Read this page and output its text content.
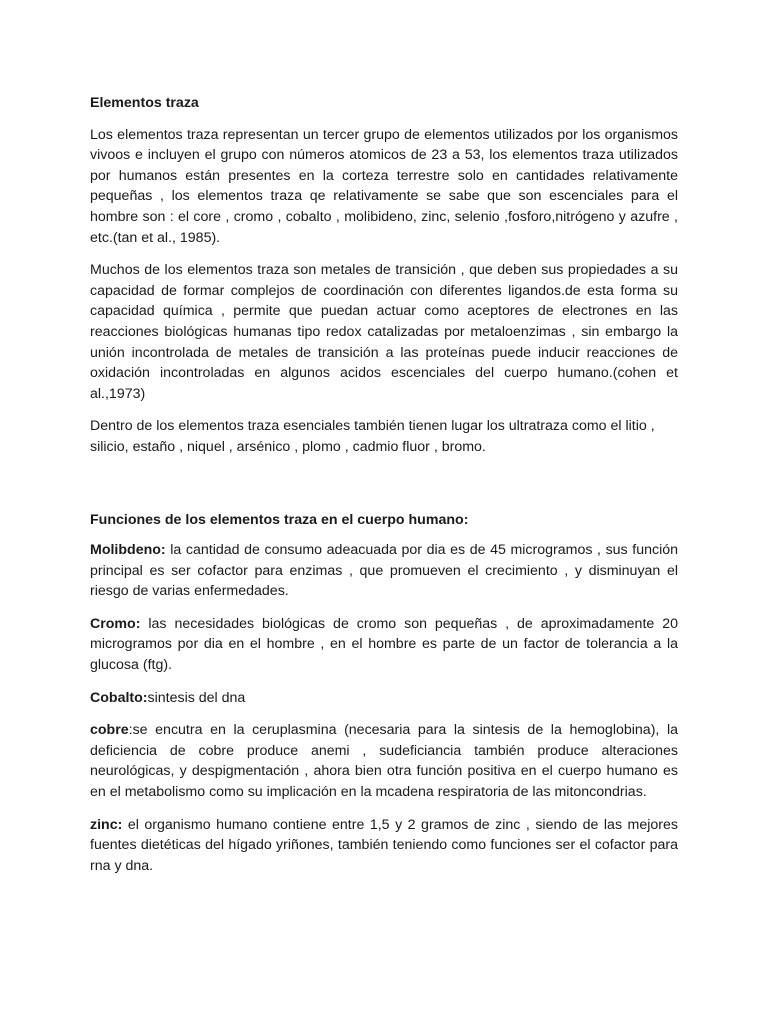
Elementos traza

Los elementos traza representan un tercer grupo de elementos utilizados por los organismos vivoos e incluyen el grupo con números atomicos de 23 a 53, los elementos traza utilizados por humanos están presentes en la corteza terrestre solo en cantidades relativamente pequeñas , los elementos traza qe relativamente se sabe que son escenciales para el hombre son : el core , cromo , cobalto , molibideno, zinc, selenio ,fosforo,nitrógeno y azufre , etc.(tan et al., 1985).

Muchos de los elementos traza son metales de transición , que deben sus propiedades a su capacidad de formar complejos de coordinación con diferentes ligandos.de esta forma su capacidad química , permite que puedan actuar como aceptores de electrones en las reacciones biológicas humanas tipo redox catalizadas por metaloenzimas , sin embargo la unión incontrolada de metales de transición a las proteínas puede inducir reacciones de oxidación incontroladas en algunos acidos escenciales del cuerpo humano.(cohen et al.,1973)

Dentro de los elementos traza esenciales también tienen lugar los ultratraza como el litio , silicio, estaño , niquel , arsénico , plomo , cadmio fluor , bromo.

Funciones de los elementos traza en el cuerpo humano:

Molibdeno: la cantidad de consumo adeacuada por dia es de 45 microgramos , sus función principal es ser cofactor para enzimas , que promueven el crecimiento , y disminuyan el riesgo de varias enfermedades.

Cromo: las necesidades biológicas de cromo son pequeñas , de aproximadamente 20 microgramos por dia en el hombre , en el hombre es parte de un factor de tolerancia a la glucosa (ftg).

Cobalto:sintesis del dna

cobre:se encutra en la ceruplasmina (necesaria para la sintesis de la hemoglobina), la deficiencia de cobre produce anemi , sudeficiancia también produce alteraciones neurológicas, y despigmentación , ahora bien otra función positiva en el cuerpo humano es en el metabolismo como su implicación en la mcadena respiratoria de las mitoncondrias.

zinc: el organismo humano contiene entre 1,5 y 2 gramos de zinc , siendo de las mejores fuentes dietéticas del hígado yriñones, también teniendo como funciones ser el cofactor para rna y dna.
